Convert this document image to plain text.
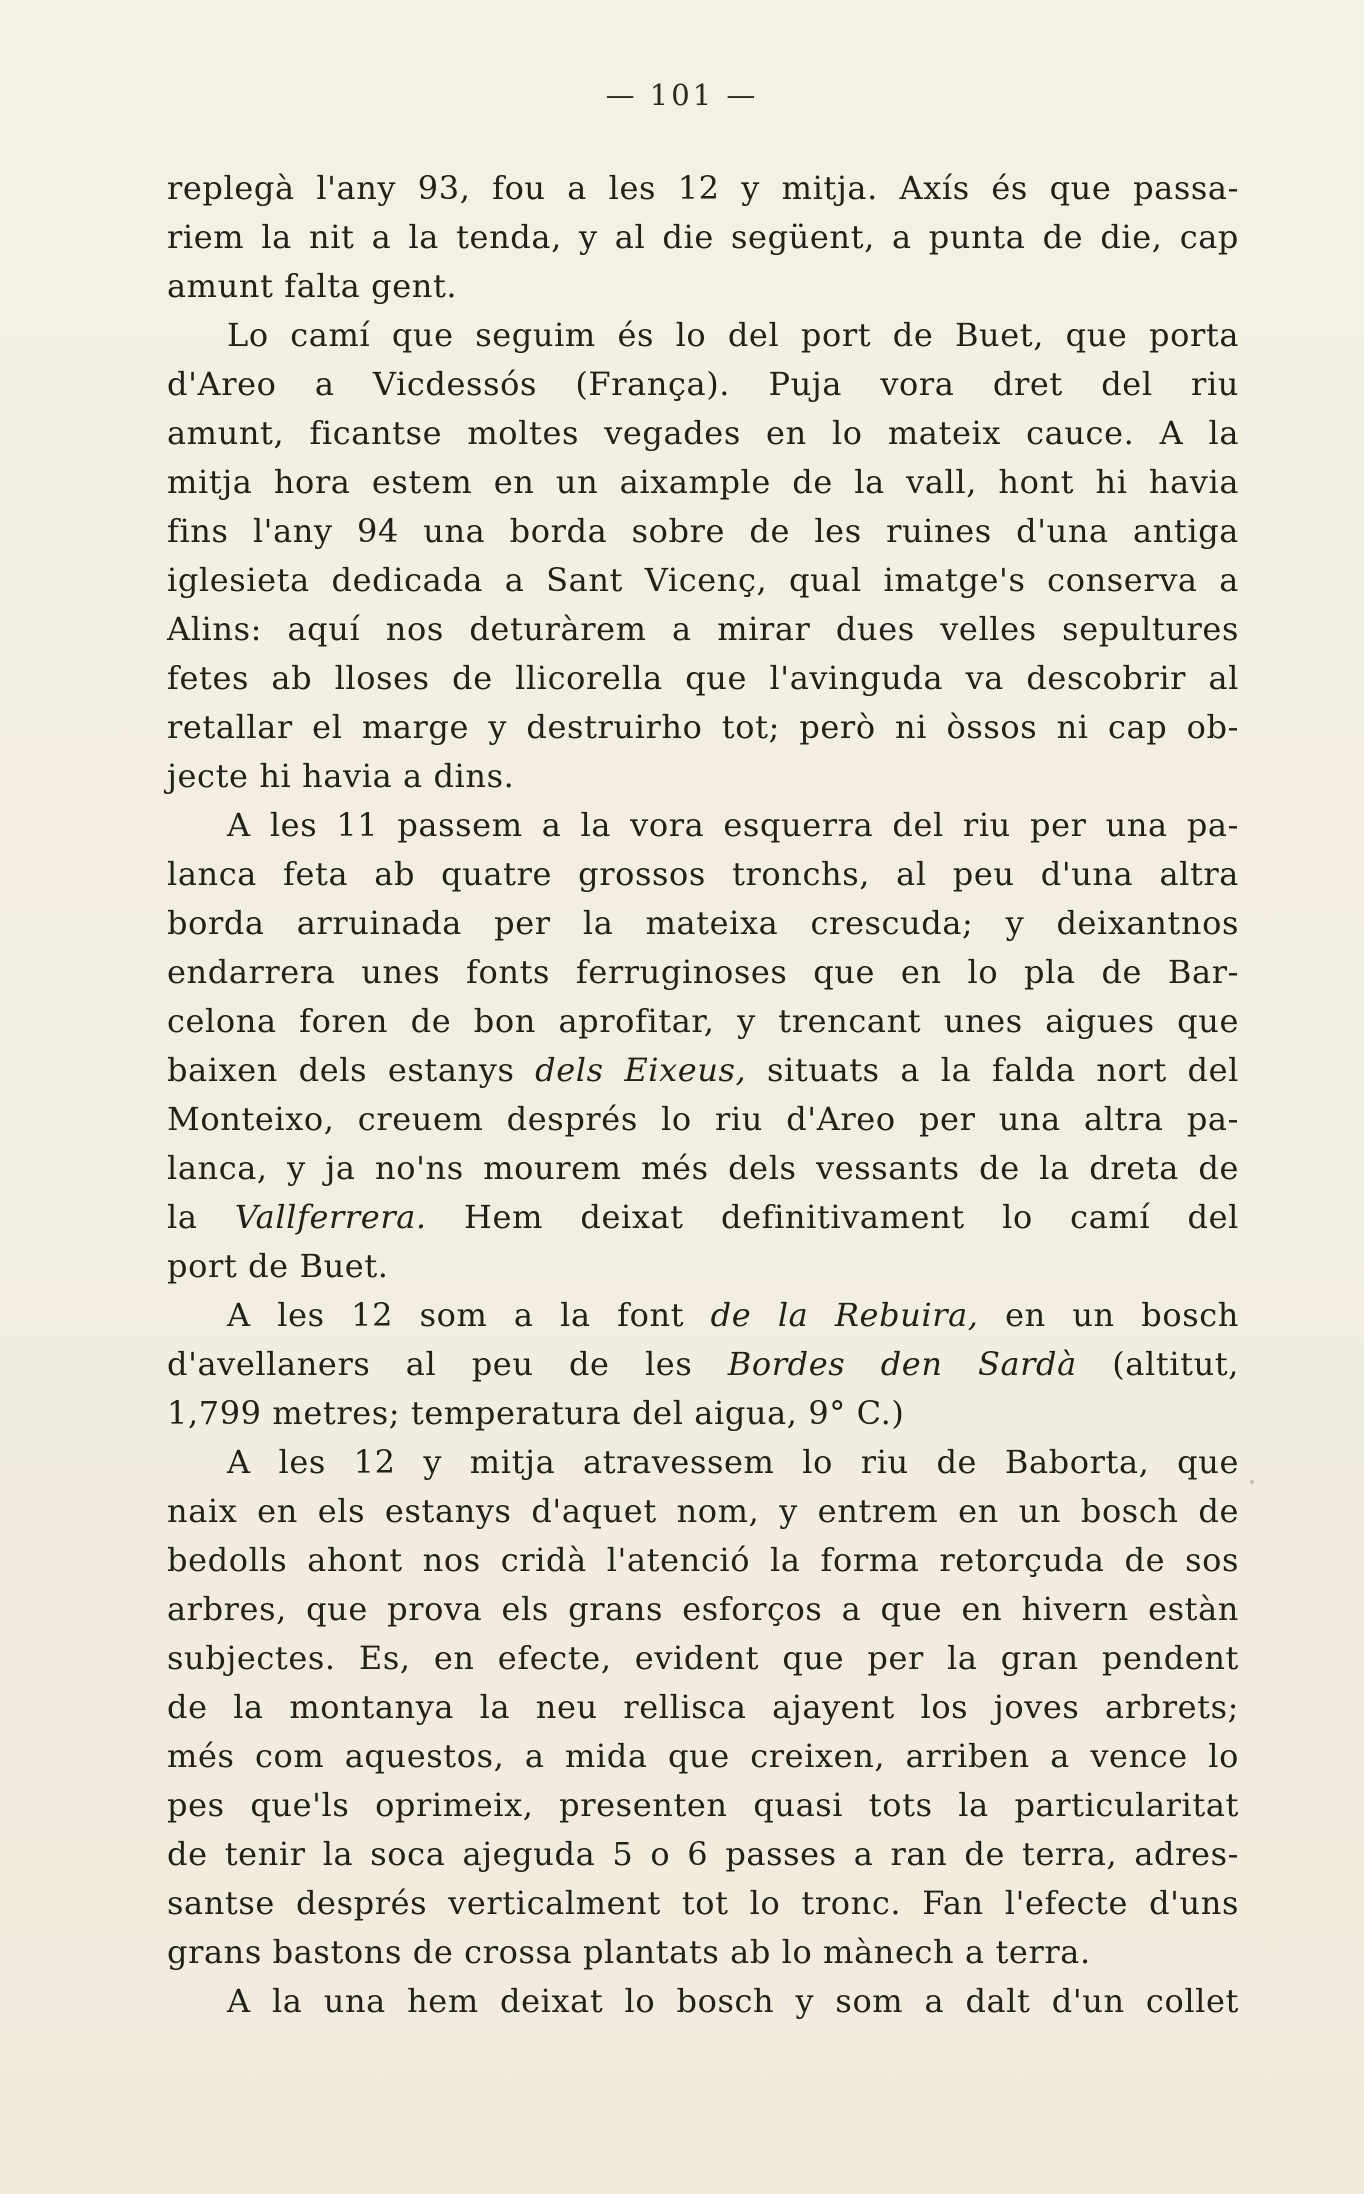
— 101 —
replegà l'any 93, fou a les 12 y mitja. Axís és que passa-
riem la nit a la tenda, y al die següent, a punta de die, cap
amunt falta gent.
Lo camí que seguim és lo del port de Buet, que porta
d'Areo a Vicdessós (França). Puja vora dret del riu
amunt, ficantse moltes vegades en lo mateix cauce. A la
mitja hora estem en un aixample de la vall, hont hi havia
fins l'any 94 una borda sobre de les ruines d'una antiga
iglesieta dedicada a Sant Vicenç, qual imatge's conserva a
Alins: aquí nos deturàrem a mirar dues velles sepultures
fetes ab lloses de llicorella que l'avinguda va descobrir al
retallar el marge y destruirho tot; però ni òssos ni cap ob-
jecte hi havia a dins.
A les 11 passem a la vora esquerra del riu per una pa-
lanca feta ab quatre grossos tronchs, al peu d'una altra
borda arruinada per la mateixa crescuda; y deixantnos
endarrera unes fonts ferruginoses que en lo pla de Bar-
celona foren de bon aprofitar, y trencant unes aigues que
baixen dels estanys dels Eixeus, situats a la falda nort del
Monteixo, creuem després lo riu d'Areo per una altra pa-
lanca, y ja no'ns mourem més dels vessants de la dreta de
la Vallferrera. Hem deixat definitivament lo camí del
port de Buet.
A les 12 som a la font de la Rebuira, en un bosch
d'avellaners al peu de les Bordes den Sardà (altitut,
1,799 metres; temperatura del aigua, 9° C.)
A les 12 y mitja atravessem lo riu de Baborta, que
naix en els estanys d'aquet nom, y entrem en un bosch de
bedolls ahont nos cridà l'atenció la forma retorçuda de sos
arbres, que prova els grans esforços a que en hivern estàn
subjectes. Es, en efecte, evident que per la gran pendent
de la montanya la neu rellisca ajayent los joves arbrets;
més com aquestos, a mida que creixen, arriben a vence lo
pes que'ls oprimeix, presenten quasi tots la particularitat
de tenir la soca ajeguda 5 o 6 passes a ran de terra, adres-
santse després verticalment tot lo tronc. Fan l'efecte d'uns
grans bastons de crossa plantats ab lo mànech a terra.
A la una hem deixat lo bosch y som a dalt d'un collet
